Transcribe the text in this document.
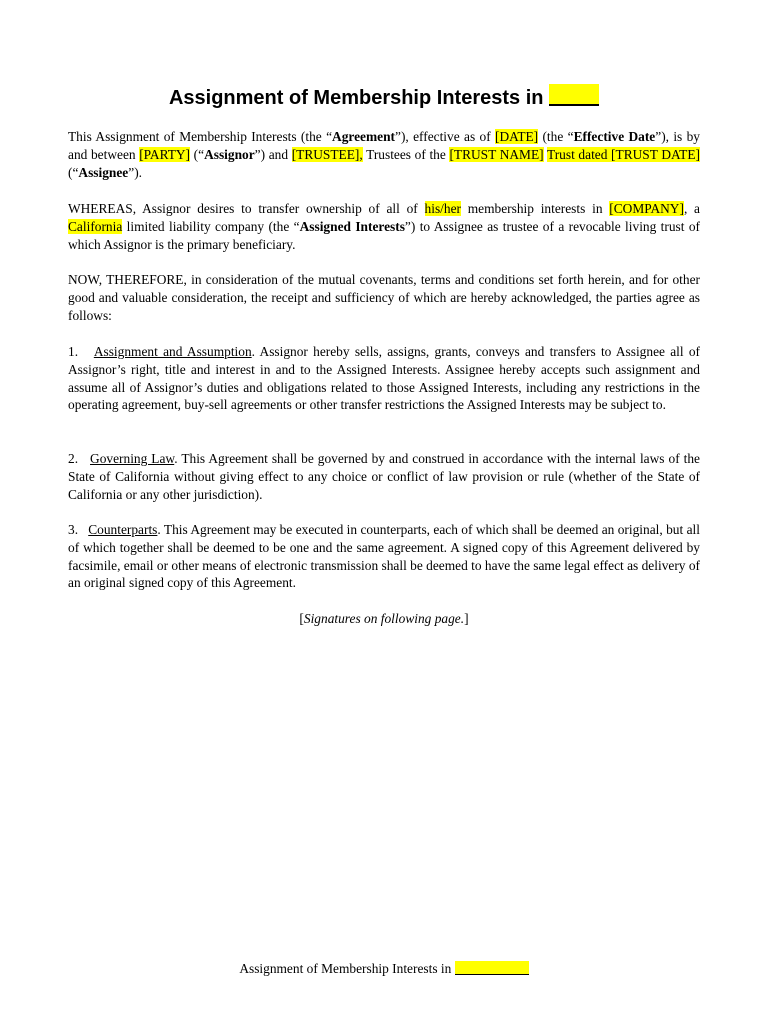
Assignment of Membership Interests in

This Assignment of Membership Interests (the “Agreement”), effective as of [DATE] (the “Effective Date”), is by and between [PARTY] (“Assignor”) and [TRUSTEE], Trustees of the [TRUST NAME] Trust dated [TRUST DATE] (“Assignee”).

WHEREAS, Assignor desires to transfer ownership of all of his/her membership interests in [COMPANY], a California limited liability company (the “Assigned Interests”) to Assignee as trustee of a revocable living trust of which Assignor is the primary beneficiary.

NOW, THEREFORE, in consideration of the mutual covenants, terms and conditions set forth herein, and for other good and valuable consideration, the receipt and sufficiency of which are hereby acknowledged, the parties agree as follows:

1. Assignment and Assumption. Assignor hereby sells, assigns, grants, conveys and transfers to Assignee all of Assignor’s right, title and interest in and to the Assigned Interests. Assignee hereby accepts such assignment and assume all of Assignor’s duties and obligations related to those Assigned Interests, including any restrictions in the operating agreement, buy-sell agreements or other transfer restrictions the Assigned Interests may be subject to.

2. Governing Law. This Agreement shall be governed by and construed in accordance with the internal laws of the State of California without giving effect to any choice or conflict of law provision or rule (whether of the State of California or any other jurisdiction).

3. Counterparts. This Agreement may be executed in counterparts, each of which shall be deemed an original, but all of which together shall be deemed to be one and the same agreement. A signed copy of this Agreement delivered by facsimile, email or other means of electronic transmission shall be deemed to have the same legal effect as delivery of an original signed copy of this Agreement.

[Signatures on following page.]

Assignment of Membership Interests in
